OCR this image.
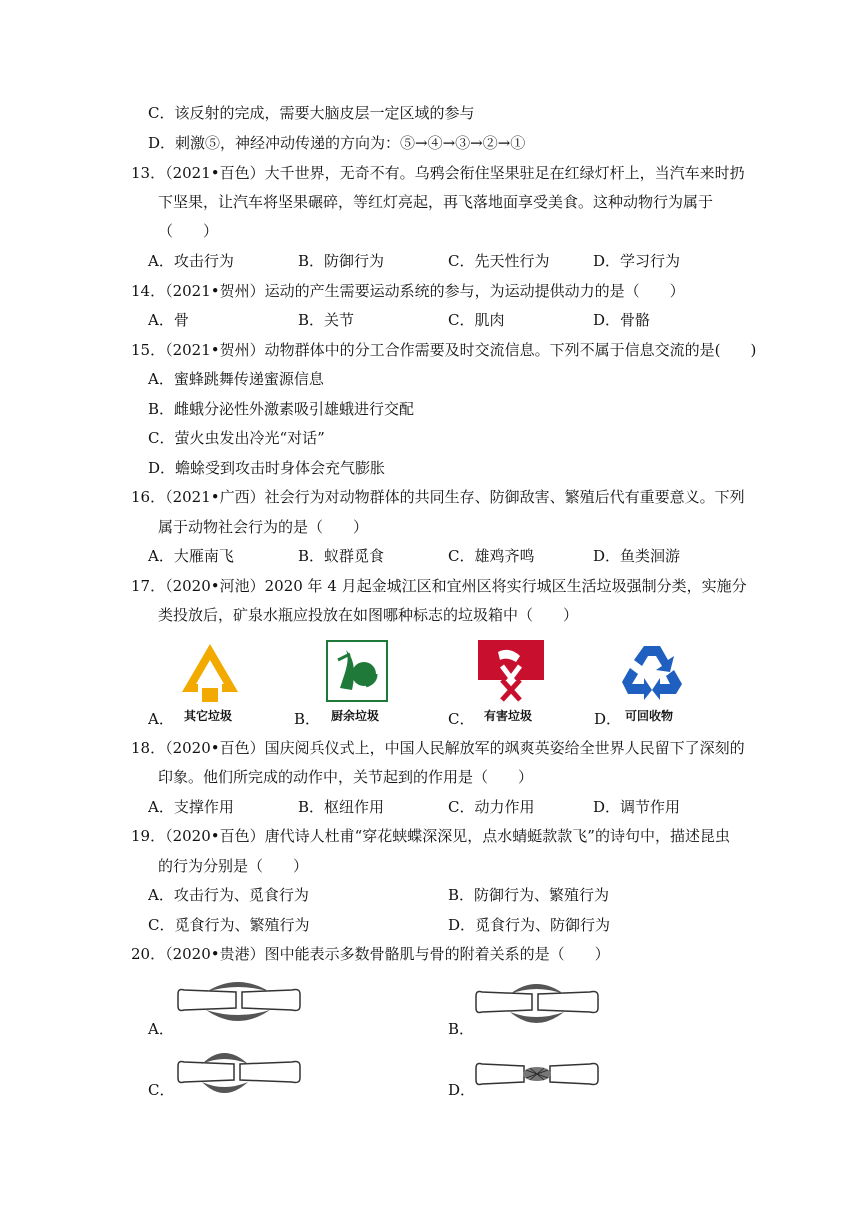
C．该反射的完成，需要大脑皮层一定区域的参与
D．刺激⑤，神经冲动传递的方向为：⑤→④→③→②→①
13．（2021•百色）大千世界，无奇不有。乌鸦会衔住坚果驻足在红绿灯杆上，当汽车来时扔
下坚果，让汽车将坚果碾碎，等红灯亮起，再飞落地面享受美食。这种动物行为属于
（　　）
A．攻击行为	B．防御行为	C．先天性行为	D．学习行为
14．（2021•贺州）运动的产生需要运动系统的参与，为运动提供动力的是（　　）
A．骨	B．关节	C．肌肉	D．骨骼
15．（2021•贺州）动物群体中的分工合作需要及时交流信息。下列不属于信息交流的是(　　)
A．蜜蜂跳舞传递蜜源信息
B．雌蛾分泌性外激素吸引雄蛾进行交配
C．萤火虫发出冷光“对话”
D．蟾蜍受到攻击时身体会充气膨胀
16．（2021•广西）社会行为对动物群体的共同生存、防御敌害、繁殖后代有重要意义。下列
属于动物社会行为的是（　　）
A．大雁南飞	B．蚁群觅食	C．雄鸡齐鸣	D．鱼类洄游
17．（2020•河池）2020 年 4 月起金城江区和宜州区将实行城区生活垃圾强制分类，实施分
类投放后，矿泉水瓶应投放在如图哪种标志的垃圾箱中（　　）
A． 其它垃圾	B． 厨余垃圾	C． 有害垃圾	D． 可回收物
18．（2020•百色）国庆阅兵仪式上，中国人民解放军的飒爽英姿给全世界人民留下了深刻的
印象。他们所完成的动作中，关节起到的作用是（　　）
A．支撑作用	B．枢纽作用	C．动力作用	D．调节作用
19．（2020•百色）唐代诗人杜甫“穿花蛱蝶深深见，点水蜻蜓款款飞”的诗句中，描述昆虫
的行为分别是（　　）
A．攻击行为、觅食行为	B．防御行为、繁殖行为
C．觅食行为、繁殖行为	D．觅食行为、防御行为
20．（2020•贵港）图中能表示多数骨骼肌与骨的附着关系的是（　　）
A．	B．
C．	D．
